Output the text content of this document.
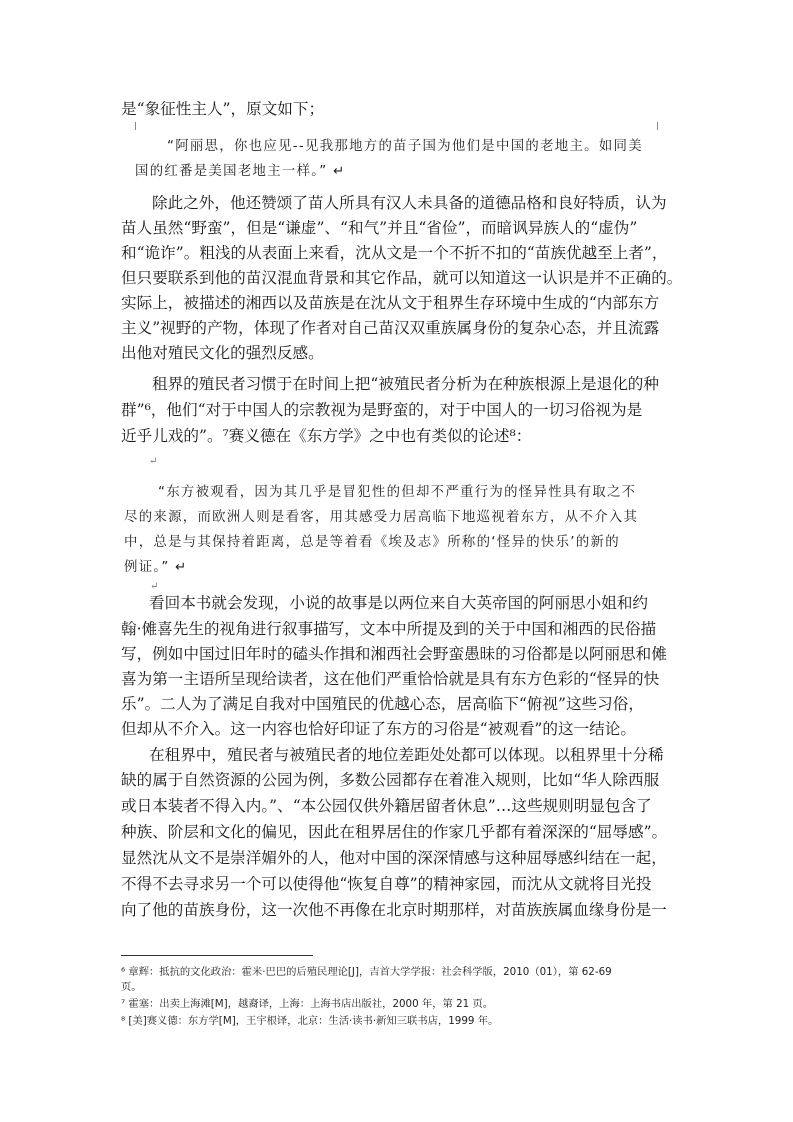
是“象征性主人”，原文如下；
“阿丽思，你也应见--见我那地方的苗子国为他们是中国的老地主。如同美
国的红番是美国老地主一样。” ↵
除此之外，他还赞颂了苗人所具有汉人未具备的道德品格和良好特质，认为
苗人虽然“野蛮”，但是“谦虚”、“和气”并且“省俭”，而暗讽异族人的“虚伪”
和“诡诈”。粗浅的从表面上来看，沈从文是一个不折不扣的“苗族优越至上者”，
但只要联系到他的苗汉混血背景和其它作品，就可以知道这一认识是并不正确的。
实际上，被描述的湘西以及苗族是在沈从文于租界生存环境中生成的“内部东方
主义”视野的产物，体现了作者对自己苗汉双重族属身份的复杂心态，并且流露
出他对殖民文化的强烈反感。
租界的殖民者习惯于在时间上把“被殖民者分析为在种族根源上是退化的种
群”⁶，他们“对于中国人的宗教视为是野蛮的，对于中国人的一切习俗视为是
近乎儿戏的”。⁷赛义德在《东方学》之中也有类似的论述⁸：
↵
“东方被观看，因为其几乎是冒犯性的但却不严重行为的怪异性具有取之不
尽的来源，而欧洲人则是看客，用其感受力居高临下地巡视着东方，从不介入其
中，总是与其保持着距离，总是等着看《埃及志》所称的‘怪异的快乐’的新的
例证。” ↵
↵
看回本书就会发现，小说的故事是以两位来自大英帝国的阿丽思小姐和约
翰·傩喜先生的视角进行叙事描写，文本中所提及到的关于中国和湘西的民俗描
写，例如中国过旧年时的磕头作揖和湘西社会野蛮愚昧的习俗都是以阿丽思和傩
喜为第一主语所呈现给读者，这在他们严重恰恰就是具有东方色彩的“怪异的快
乐”。二人为了满足自我对中国殖民的优越心态，居高临下“俯视”这些习俗，
但却从不介入。这一内容也恰好印证了东方的习俗是“被观看”的这一结论。
在租界中，殖民者与被殖民者的地位差距处处都可以体现。以租界里十分稀
缺的属于自然资源的公园为例，多数公园都存在着准入规则，比如“华人除西服
或日本装者不得入内。”、“本公园仅供外籍居留者休息”…这些规则明显包含了
种族、阶层和文化的偏见，因此在租界居住的作家几乎都有着深深的“屈辱感”。
显然沈从文不是崇洋媚外的人，他对中国的深深情感与这种屈辱感纠结在一起，
不得不去寻求另一个可以使得他“恢复自尊”的精神家园，而沈从文就将目光投
向了他的苗族身份，这一次他不再像在北京时期那样，对苗族族属血缘身份是一
⁶ 章辉：抵抗的文化政治：霍米·巴巴的后殖民理论[J]，吉首大学学报：社会科学版，2010（01），第 62-69
页。
⁷ 霍塞：出卖上海滩[M]，越裔译，上海：上海书店出版社，2000 年，第 21 页。
⁸ [美]赛义德：东方学[M]，王宇根译，北京：生活·读书·新知三联书店，1999 年。
